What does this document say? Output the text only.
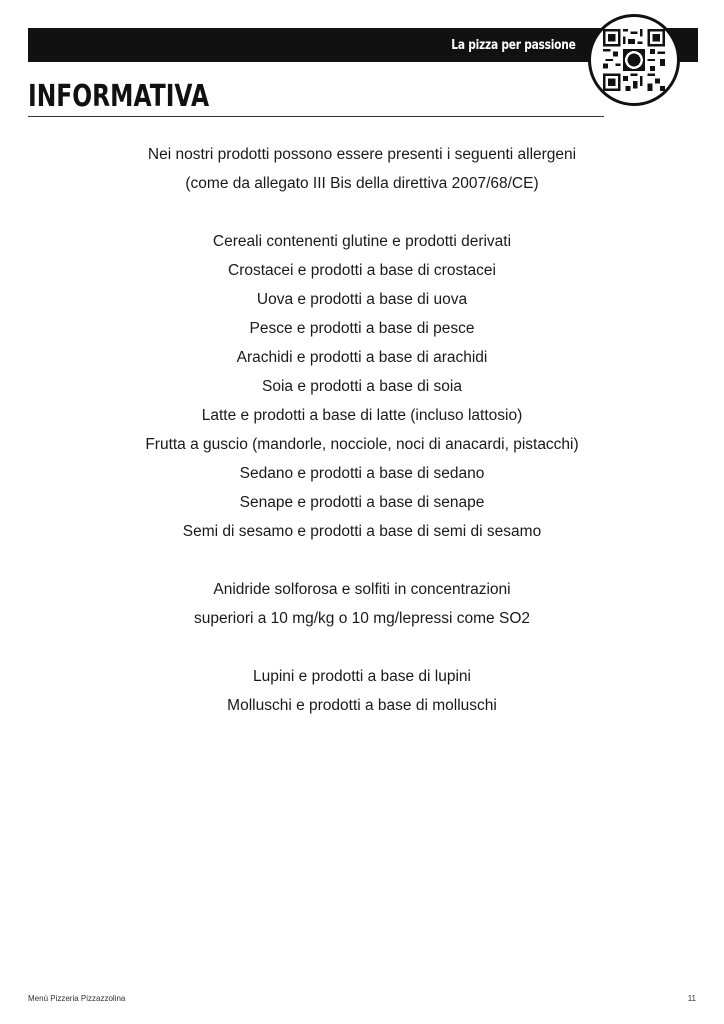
La pizza per passione
INFORMATIVA
Nei nostri prodotti possono essere presenti i seguenti allergeni
(come da allegato III Bis della direttiva 2007/68/CE)
Cereali contenenti glutine e prodotti derivati
Crostacei e prodotti a base di crostacei
Uova e prodotti a base di uova
Pesce e prodotti a base di pesce
Arachidi e prodotti a base di arachidi
Soia e prodotti a base di soia
Latte e prodotti a base di latte (incluso lattosio)
Frutta a guscio (mandorle, nocciole, noci di anacardi, pistacchi)
Sedano e prodotti a base di sedano
Senape e prodotti a base di senape
Semi di sesamo e prodotti a base di semi di sesamo
Anidride solforosa e solfiti in concentrazioni
superiori a 10 mg/kg o 10 mg/lepressi come SO2
Lupini e prodotti a base di lupini
Molluschi e prodotti a base di molluschi
Menù Pizzeria Pizzazzolina	11
